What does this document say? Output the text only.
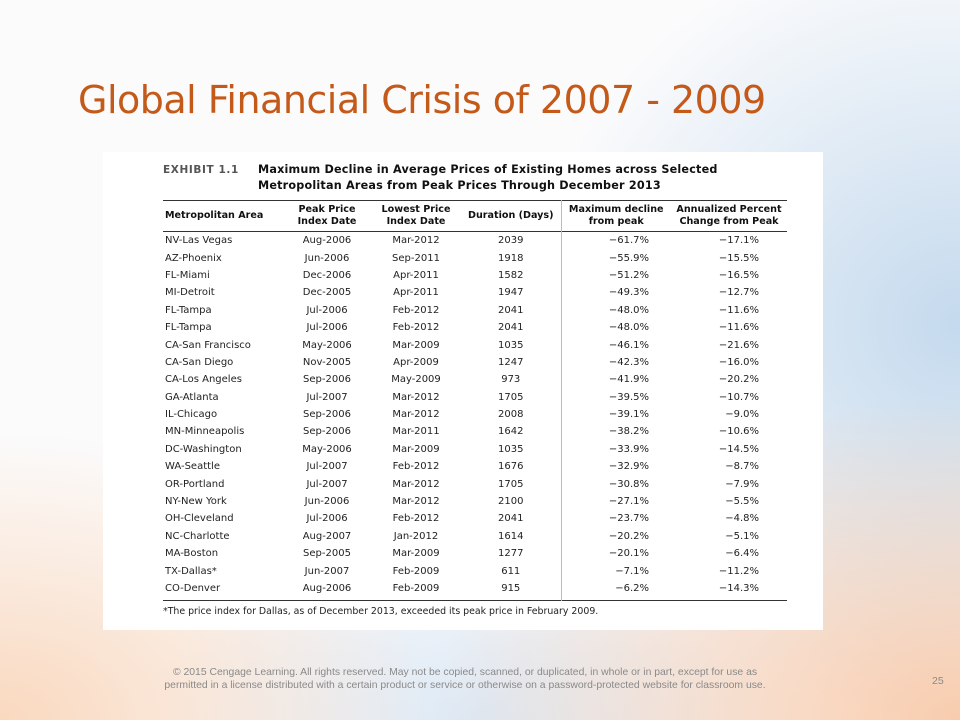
Global Financial Crisis of 2007 - 2009
EXHIBIT 1.1	Maximum Decline in Average Prices of Existing Homes across Selected
Metropolitan Areas from Peak Prices Through December 2013
Metropolitan Area	Peak Price Index Date	Lowest Price Index Date	Duration (Days)	Maximum decline from peak	Annualized Percent Change from Peak
NV-Las Vegas	Aug-2006	Mar-2012	2039	−61.7%	−17.1%
AZ-Phoenix	Jun-2006	Sep-2011	1918	−55.9%	−15.5%
FL-Miami	Dec-2006	Apr-2011	1582	−51.2%	−16.5%
MI-Detroit	Dec-2005	Apr-2011	1947	−49.3%	−12.7%
FL-Tampa	Jul-2006	Feb-2012	2041	−48.0%	−11.6%
FL-Tampa	Jul-2006	Feb-2012	2041	−48.0%	−11.6%
CA-San Francisco	May-2006	Mar-2009	1035	−46.1%	−21.6%
CA-San Diego	Nov-2005	Apr-2009	1247	−42.3%	−16.0%
CA-Los Angeles	Sep-2006	May-2009	973	−41.9%	−20.2%
GA-Atlanta	Jul-2007	Mar-2012	1705	−39.5%	−10.7%
IL-Chicago	Sep-2006	Mar-2012	2008	−39.1%	−9.0%
MN-Minneapolis	Sep-2006	Mar-2011	1642	−38.2%	−10.6%
DC-Washington	May-2006	Mar-2009	1035	−33.9%	−14.5%
WA-Seattle	Jul-2007	Feb-2012	1676	−32.9%	−8.7%
OR-Portland	Jul-2007	Mar-2012	1705	−30.8%	−7.9%
NY-New York	Jun-2006	Mar-2012	2100	−27.1%	−5.5%
OH-Cleveland	Jul-2006	Feb-2012	2041	−23.7%	−4.8%
NC-Charlotte	Aug-2007	Jan-2012	1614	−20.2%	−5.1%
MA-Boston	Sep-2005	Mar-2009	1277	−20.1%	−6.4%
TX-Dallas*	Jun-2007	Feb-2009	611	−7.1%	−11.2%
CO-Denver	Aug-2006	Feb-2009	915	−6.2%	−14.3%
*The price index for Dallas, as of December 2013, exceeded its peak price in February 2009.
© 2015 Cengage Learning. All rights reserved. May not be copied, scanned, or duplicated, in whole or in part, except for use as
permitted in a license distributed with a certain product or service or otherwise on a password-protected website for classroom use.	25
